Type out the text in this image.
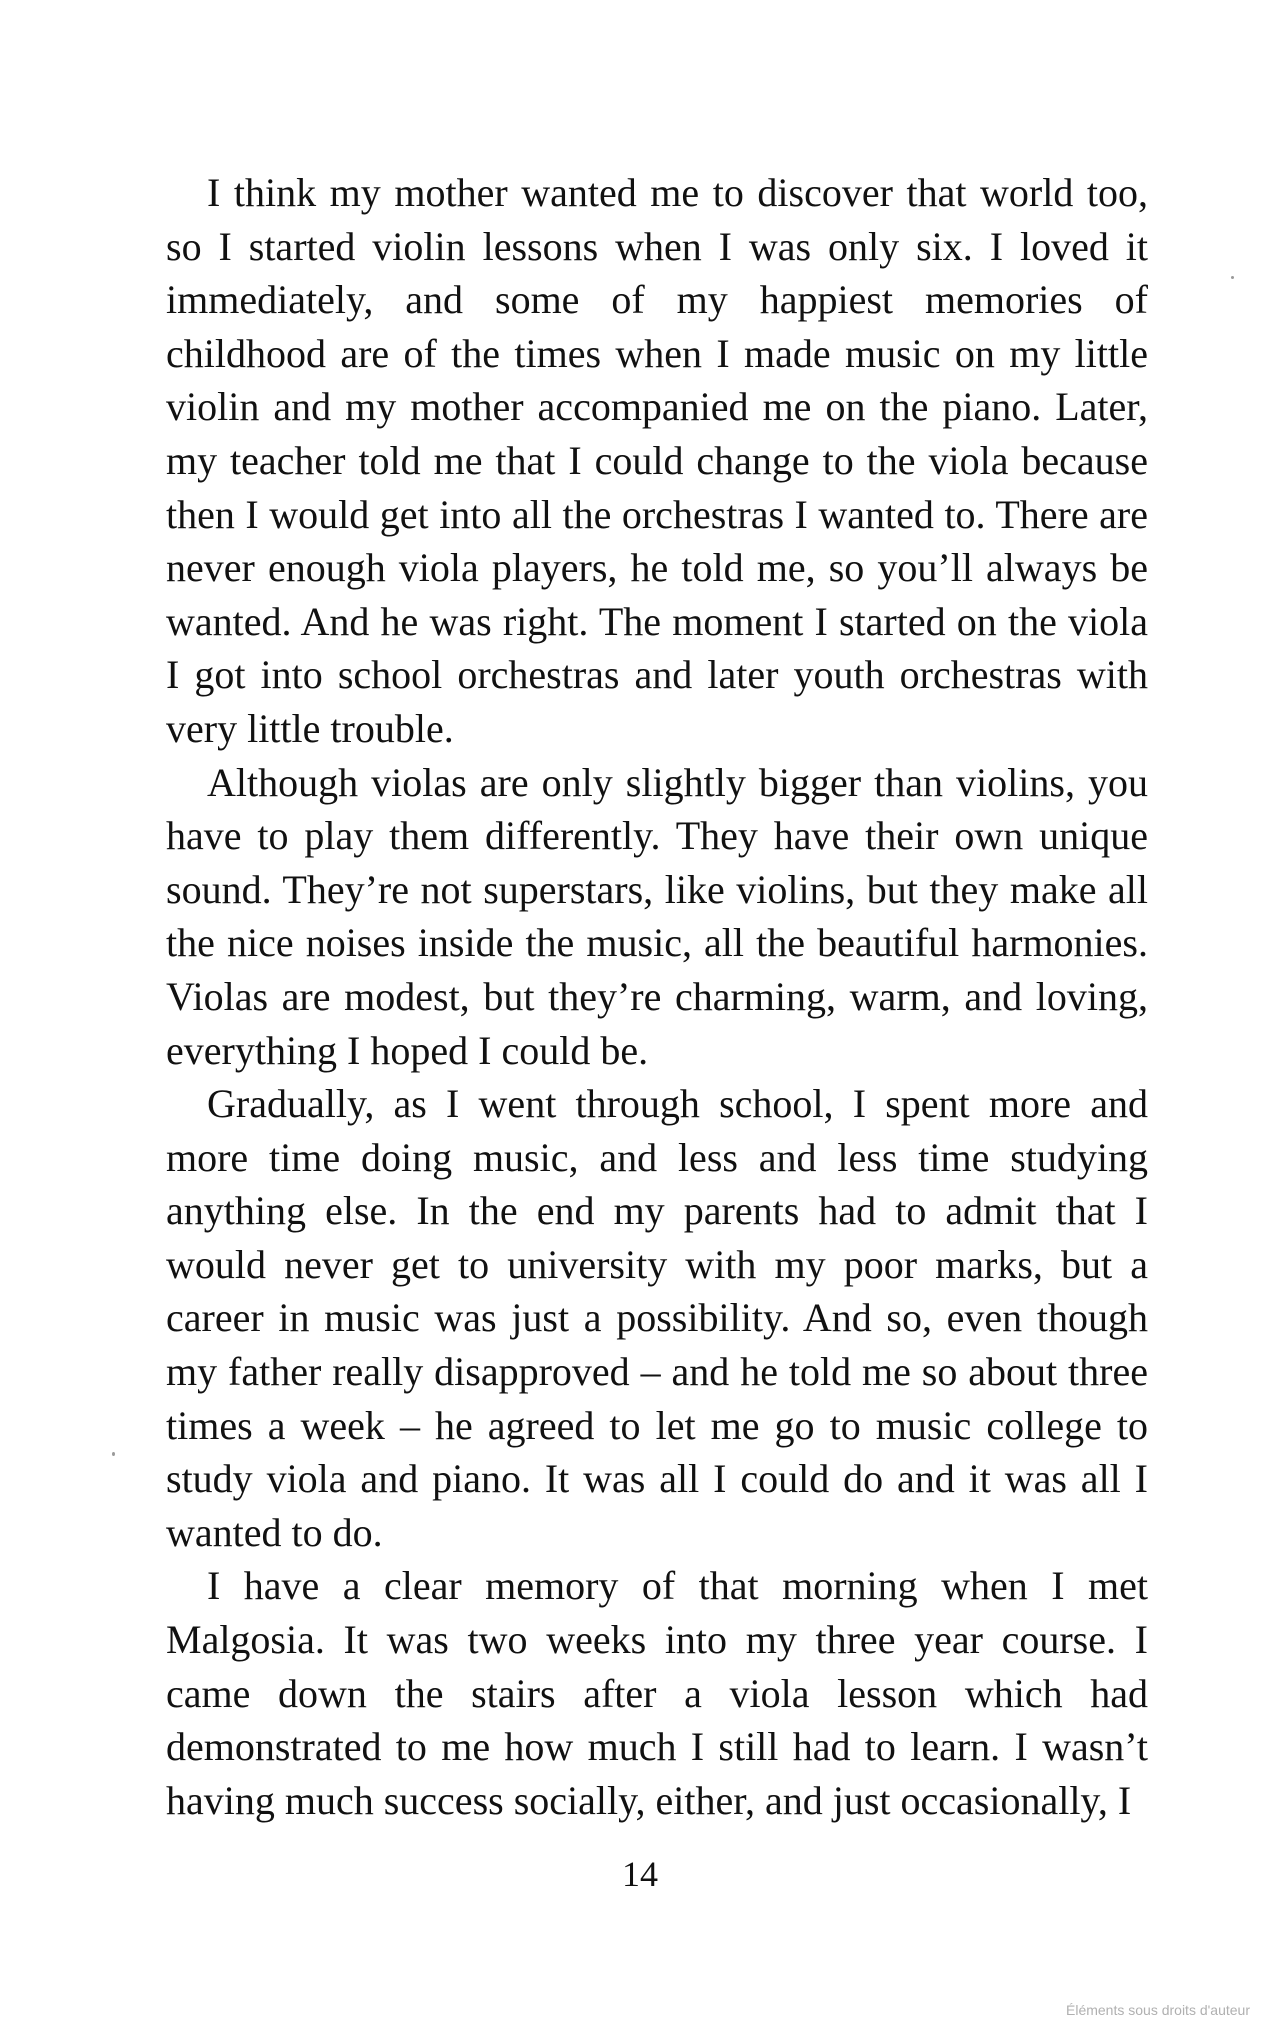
I think my mother wanted me to discover that world too, so I started violin lessons when I was only six. I loved it immediately, and some of my happiest memories of childhood are of the times when I made music on my little violin and my mother accompanied me on the piano. Later, my teacher told me that I could change to the viola because then I would get into all the orchestras I wanted to. There are never enough viola players, he told me, so you’ll always be wanted. And he was right. The moment I started on the viola I got into school orchestras and later youth orchestras with very little trouble.

Although violas are only slightly bigger than violins, you have to play them differently. They have their own unique sound. They’re not superstars, like violins, but they make all the nice noises inside the music, all the beautiful harmonies. Violas are modest, but they’re charming, warm, and loving, everything I hoped I could be.

Gradually, as I went through school, I spent more and more time doing music, and less and less time studying anything else. In the end my parents had to admit that I would never get to university with my poor marks, but a career in music was just a possibility. And so, even though my father really disapproved – and he told me so about three times a week – he agreed to let me go to music college to study viola and piano. It was all I could do and it was all I wanted to do.

I have a clear memory of that morning when I met Malgosia. It was two weeks into my three year course. I came down the stairs after a viola lesson which had demonstrated to me how much I still had to learn. I wasn’t having much success socially, either, and just occasionally, I

14
Éléments sous droits d'auteur
